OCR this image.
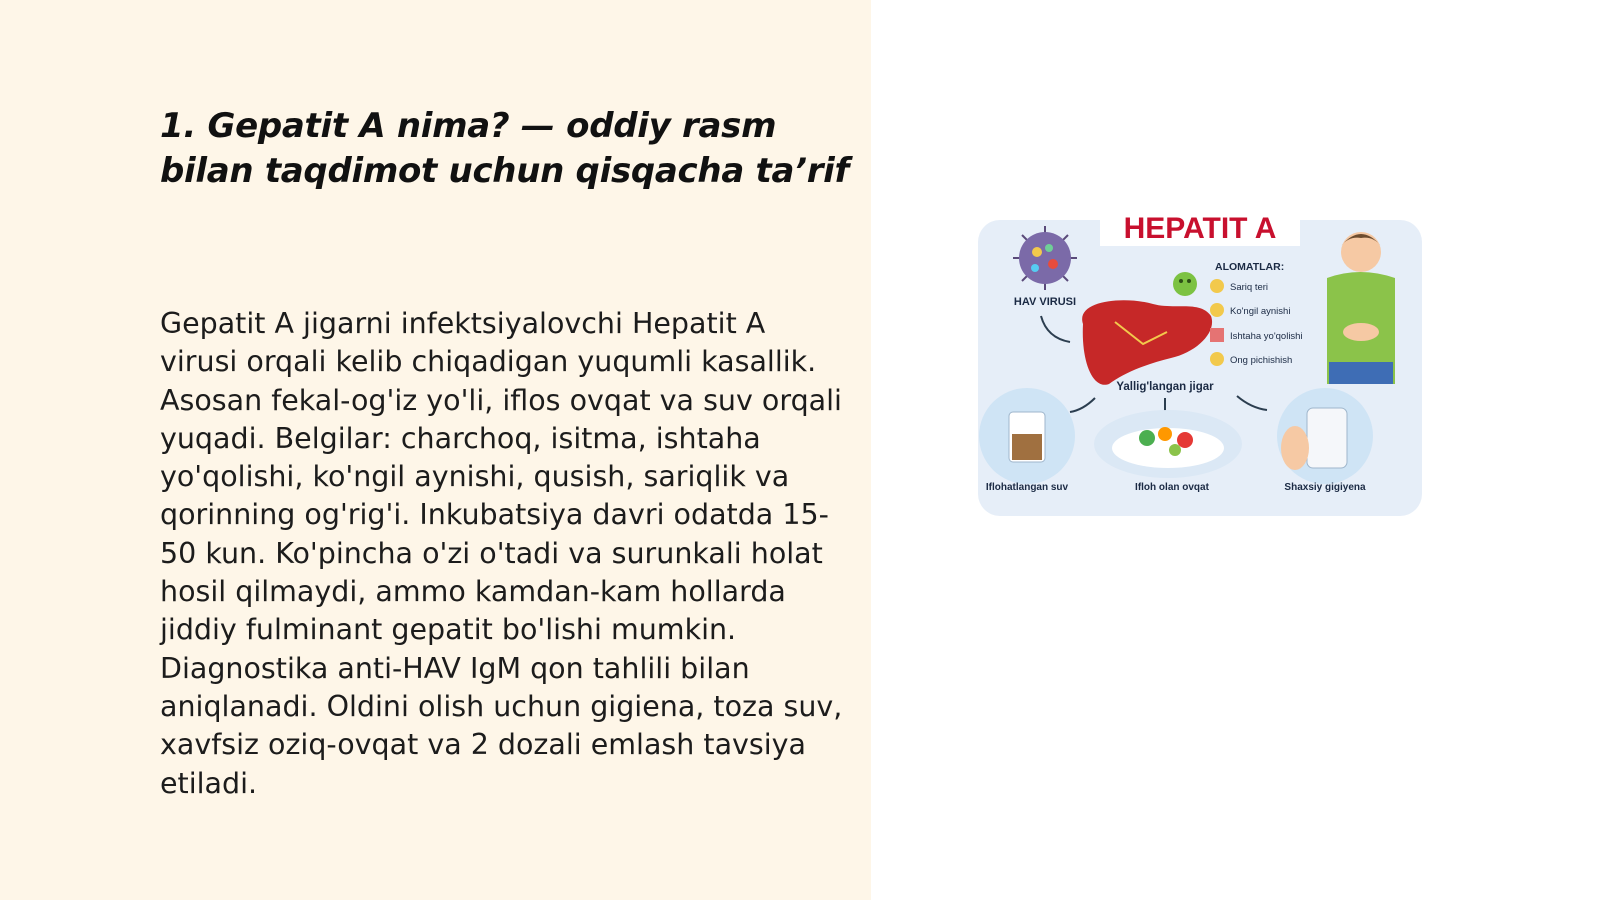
1. Gepatit A nima? — oddiy rasm bilan taqdimot uchun qisqacha ta’rif

Gepatit A jigarni infektsiyalovchi Hepatit A virusi orqali kelib chiqadigan yuqumli kasallik. Asosan fekal-og'iz yo'li, iflos ovqat va suv orqali yuqadi. Belgilar: charchoq, isitma, ishtaha yo'qolishi, ko'ngil aynishi, qusish, sariqlik va qorinning og'rig'i. Inkubatsiya davri odatda 15-50 kun. Ko'pincha o'zi o'tadi va surunkali holat hosil qilmaydi, ammo kamdan-kam hollarda jiddiy fulminant gepatit bo'lishi mumkin. Diagnostika anti-HAV IgM qon tahlili bilan aniqlanadi. Oldini olish uchun gigiena, toza suv, xavfsiz oziq-ovqat va 2 dozali emlash tavsiya etiladi.

HEPATIT A
HAV VIRUSI
Yallig'langan jigar
ALOMATLAR:
Sariq teri
Ko'ngil aynishi
Ishtaha yo'qolishi
Ong pichishish
Iflohatlangan suv	Ifloh olan ovqat	Shaxsiy gigiyena
